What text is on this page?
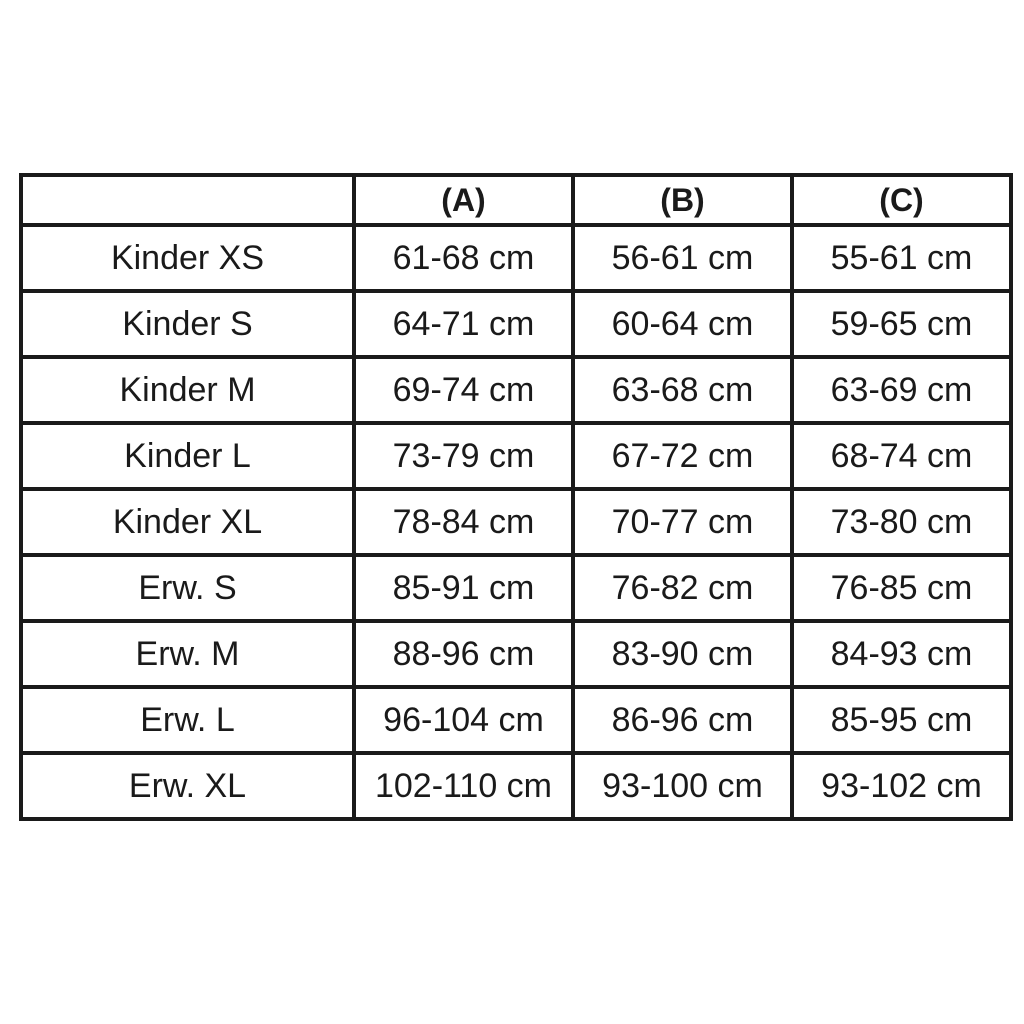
	(A)	(B)	(C)
Kinder XS	61-68 cm	56-61 cm	55-61 cm
Kinder S	64-71 cm	60-64 cm	59-65 cm
Kinder M	69-74 cm	63-68 cm	63-69 cm
Kinder L	73-79 cm	67-72 cm	68-74 cm
Kinder XL	78-84 cm	70-77 cm	73-80 cm
Erw. S	85-91 cm	76-82 cm	76-85 cm
Erw. M	88-96 cm	83-90 cm	84-93 cm
Erw. L	96-104 cm	86-96 cm	85-95 cm
Erw. XL	102-110 cm	93-100 cm	93-102 cm
